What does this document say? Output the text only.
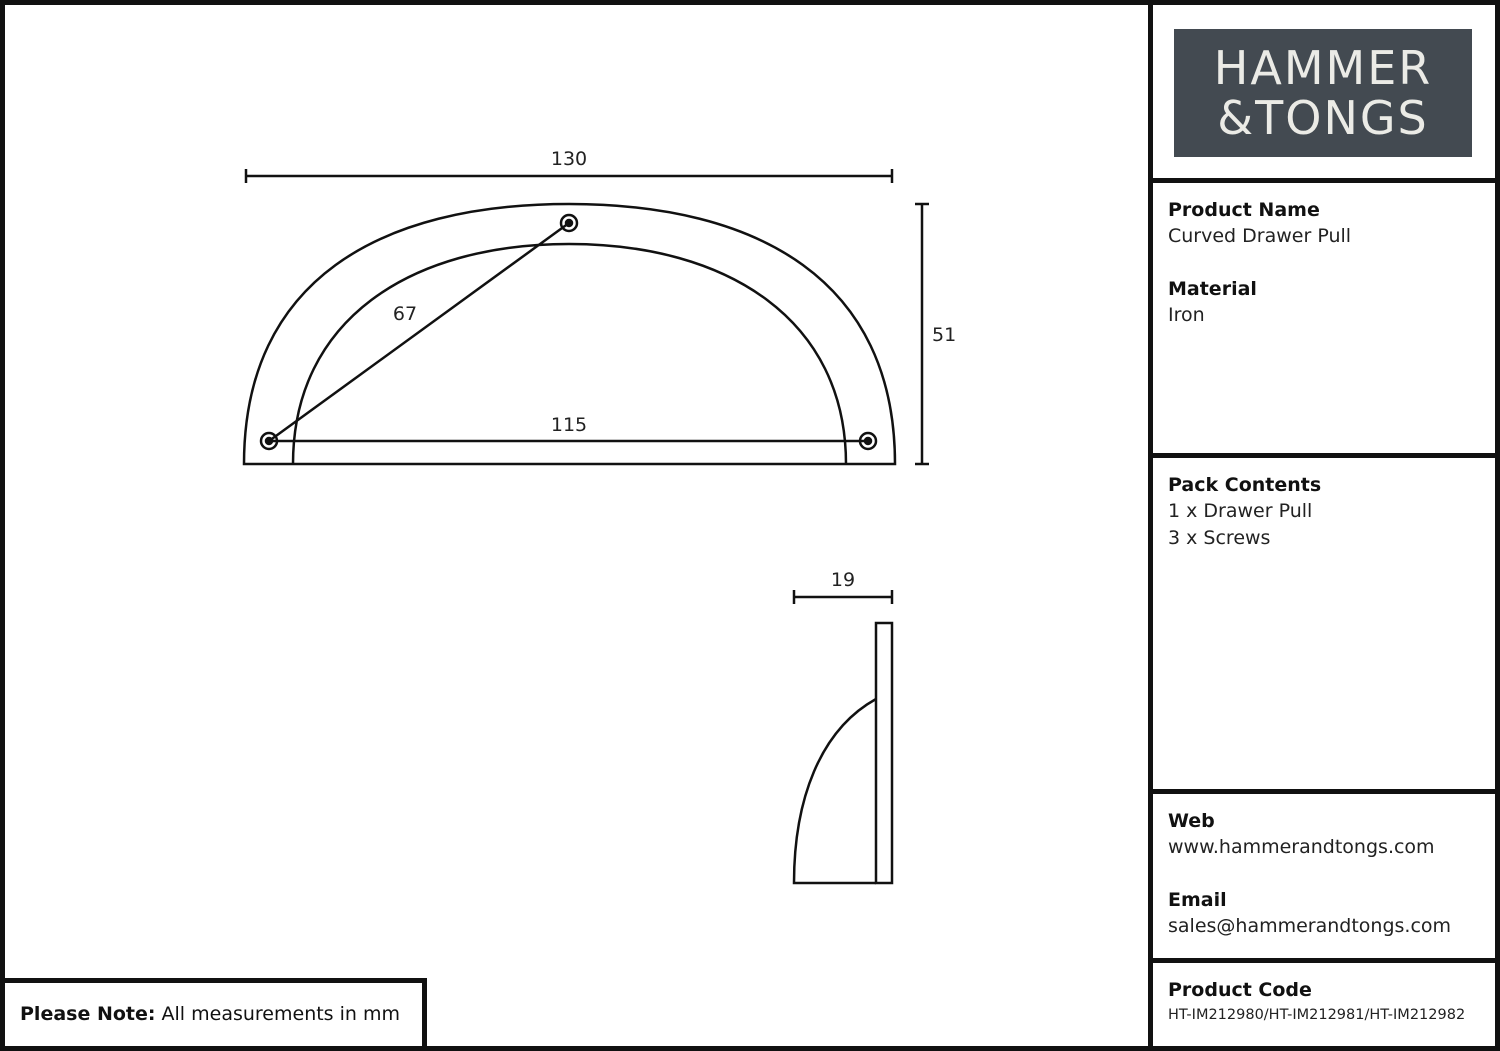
130
51
67
115
19
HAMMER
&TONGS

Product Name

Curved Drawer Pull

Material

Iron

Pack Contents

1 x Drawer Pull

3 x Screws

Web

www.hammerandtongs.com

Email

sales@hammerandtongs.com

Product Code

HT-IM212980/HT-IM212981/HT-IM212982

Please Note: All measurements in mm
